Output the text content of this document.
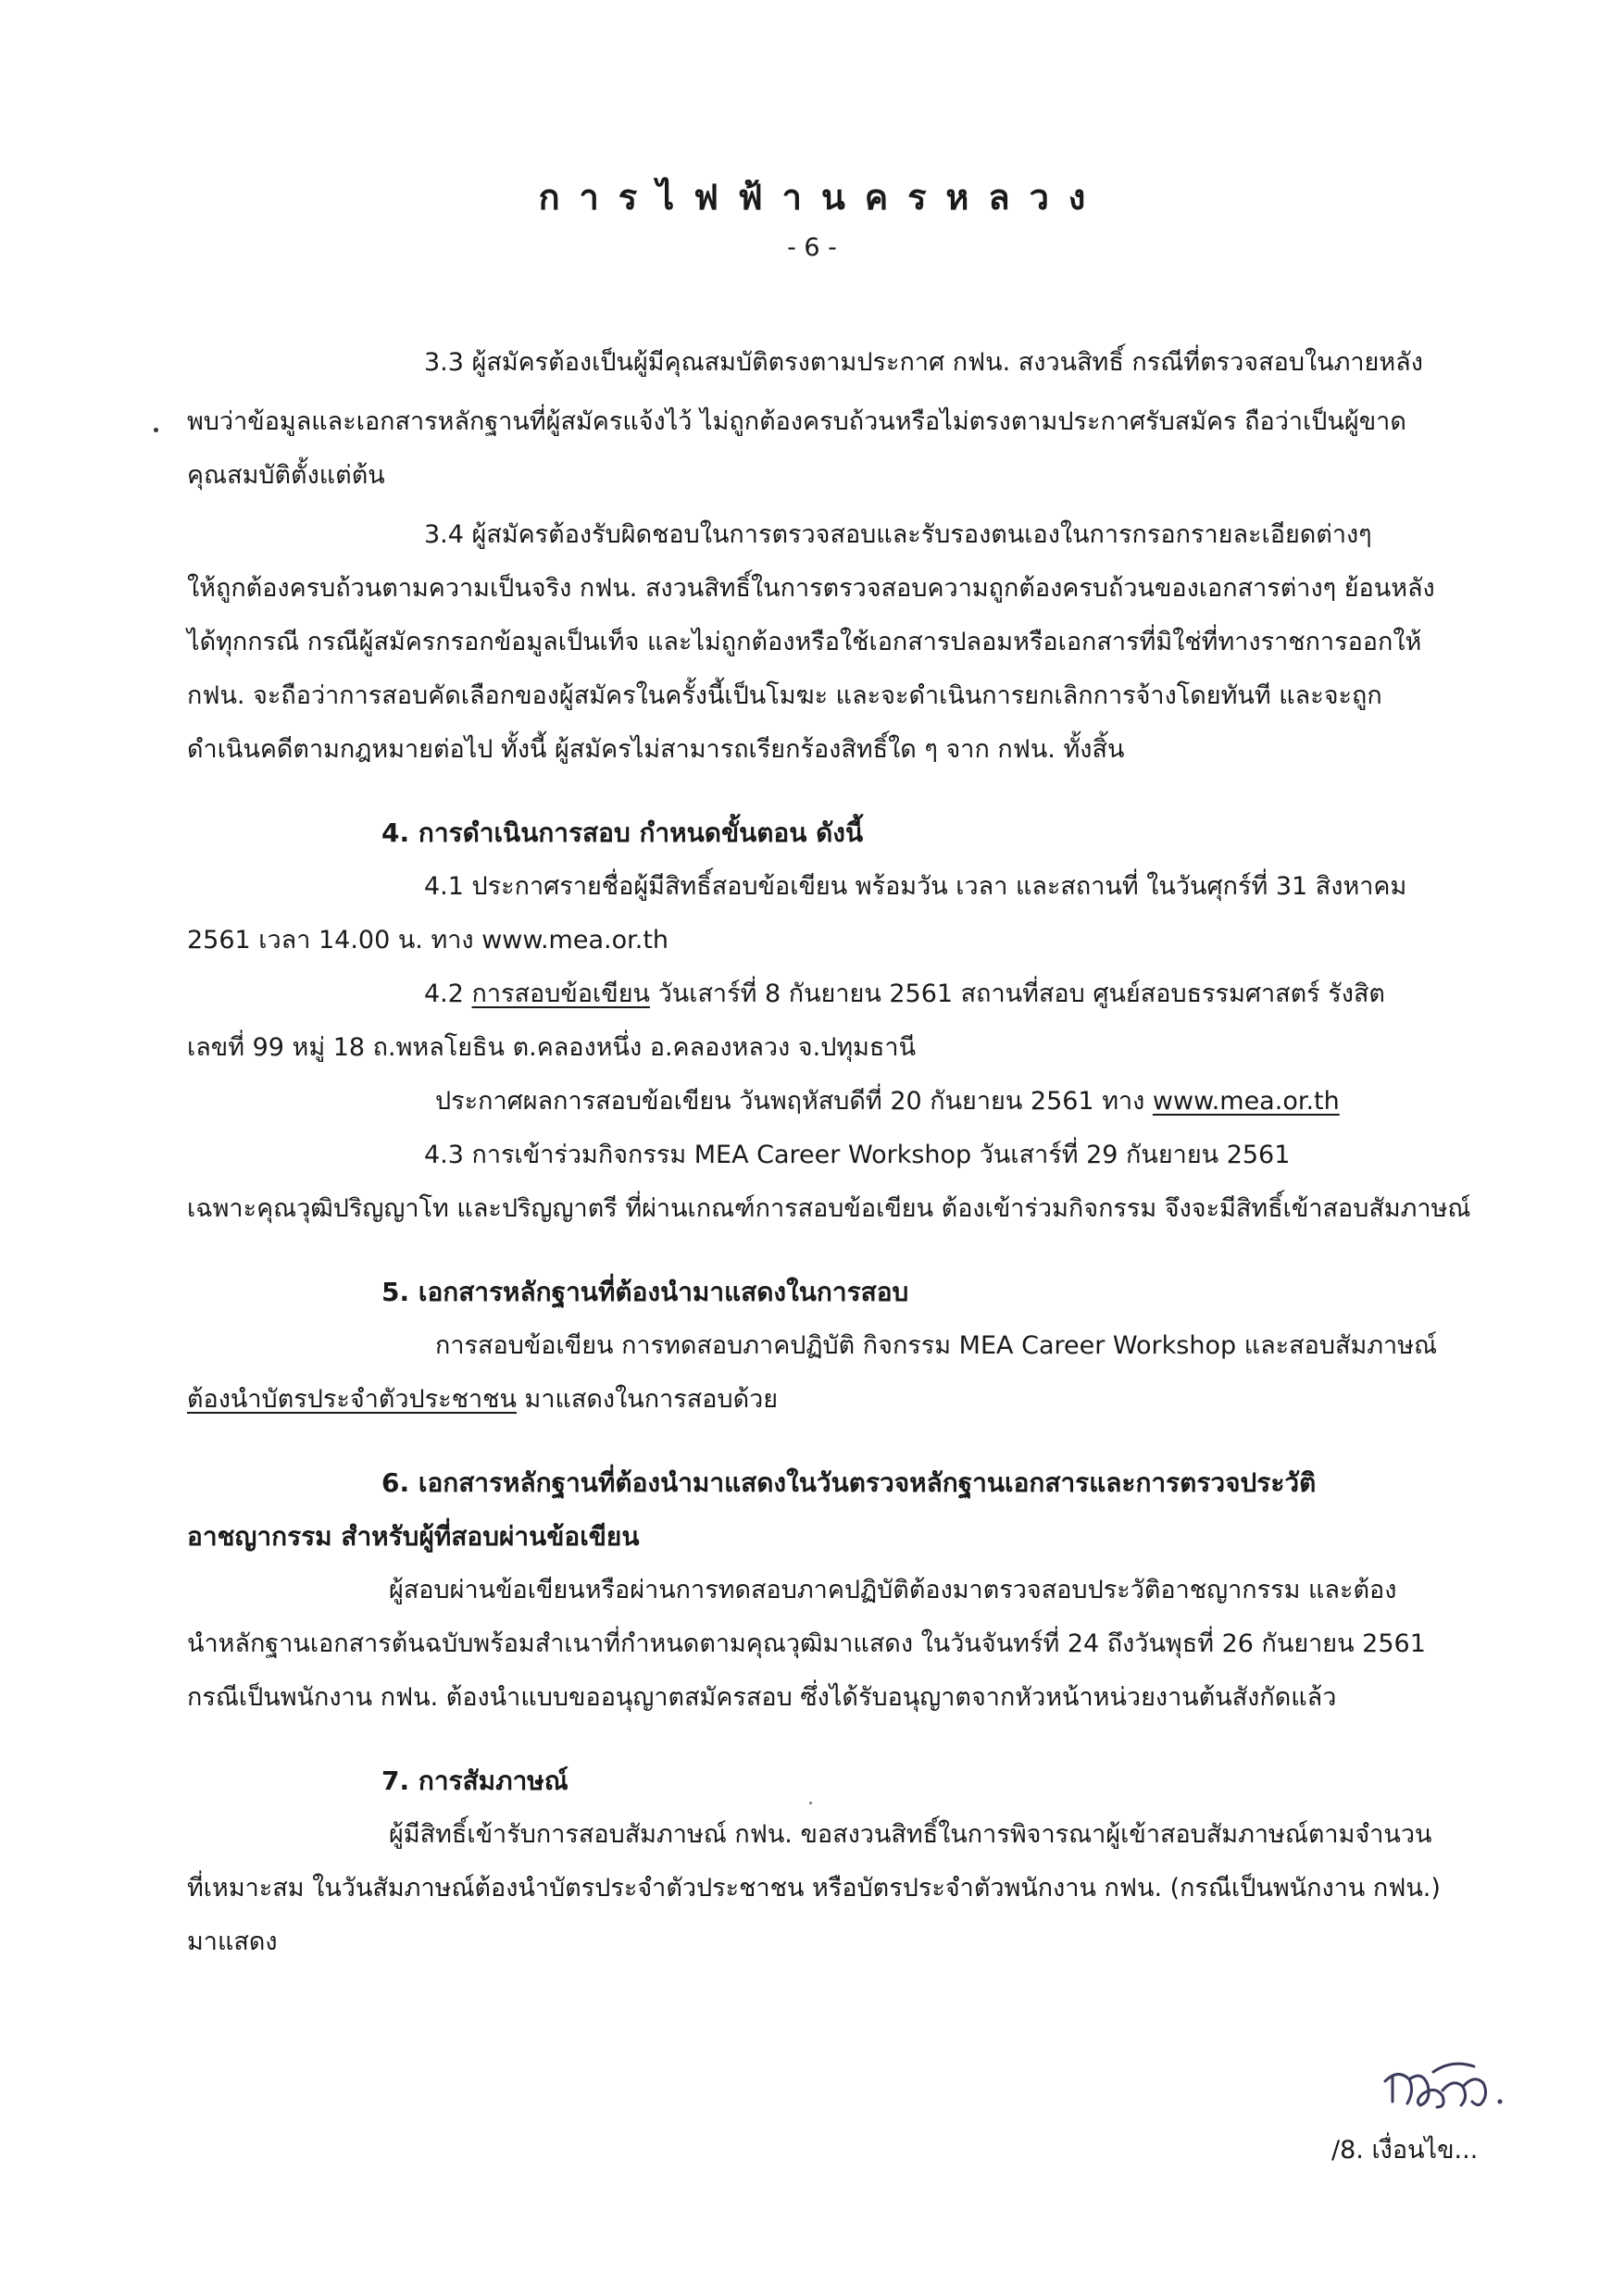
การไฟฟ้านครหลวง
- 6 -
3.3 ผู้สมัครต้องเป็นผู้มีคุณสมบัติตรงตามประกาศ กฟน. สงวนสิทธิ์ กรณีที่ตรวจสอบในภายหลัง
พบว่าข้อมูลและเอกสารหลักฐานที่ผู้สมัครแจ้งไว้ ไม่ถูกต้องครบถ้วนหรือไม่ตรงตามประกาศรับสมัคร ถือว่าเป็นผู้ขาด
คุณสมบัติตั้งแต่ต้น
3.4 ผู้สมัครต้องรับผิดชอบในการตรวจสอบและรับรองตนเองในการกรอกรายละเอียดต่างๆ
ให้ถูกต้องครบถ้วนตามความเป็นจริง กฟน. สงวนสิทธิ์ในการตรวจสอบความถูกต้องครบถ้วนของเอกสารต่างๆ ย้อนหลัง
ได้ทุกกรณี กรณีผู้สมัครกรอกข้อมูลเป็นเท็จ และไม่ถูกต้องหรือใช้เอกสารปลอมหรือเอกสารที่มิใช่ที่ทางราชการออกให้
กฟน. จะถือว่าการสอบคัดเลือกของผู้สมัครในครั้งนี้เป็นโมฆะ และจะดำเนินการยกเลิกการจ้างโดยทันที และจะถูก
ดำเนินคดีตามกฎหมายต่อไป ทั้งนี้ ผู้สมัครไม่สามารถเรียกร้องสิทธิ์ใด ๆ จาก กฟน. ทั้งสิ้น
4. การดำเนินการสอบ กำหนดขั้นตอน ดังนี้
4.1 ประกาศรายชื่อผู้มีสิทธิ์สอบข้อเขียน พร้อมวัน เวลา และสถานที่ ในวันศุกร์ที่ 31 สิงหาคม
2561 เวลา 14.00 น. ทาง www.mea.or.th
4.2 การสอบข้อเขียน วันเสาร์ที่ 8 กันยายน 2561 สถานที่สอบ ศูนย์สอบธรรมศาสตร์ รังสิต
เลขที่ 99 หมู่ 18 ถ.พหลโยธิน ต.คลองหนึ่ง อ.คลองหลวง จ.ปทุมธานี
ประกาศผลการสอบข้อเขียน วันพฤหัสบดีที่ 20 กันยายน 2561 ทาง www.mea.or.th
4.3 การเข้าร่วมกิจกรรม MEA Career Workshop วันเสาร์ที่ 29 กันยายน 2561
เฉพาะคุณวุฒิปริญญาโท และปริญญาตรี ที่ผ่านเกณฑ์การสอบข้อเขียน ต้องเข้าร่วมกิจกรรม จึงจะมีสิทธิ์เข้าสอบสัมภาษณ์
5. เอกสารหลักฐานที่ต้องนำมาแสดงในการสอบ
การสอบข้อเขียน การทดสอบภาคปฏิบัติ กิจกรรม MEA Career Workshop และสอบสัมภาษณ์
ต้องนำบัตรประจำตัวประชาชน มาแสดงในการสอบด้วย
6. เอกสารหลักฐานที่ต้องนำมาแสดงในวันตรวจหลักฐานเอกสารและการตรวจประวัติ
อาชญากรรม สำหรับผู้ที่สอบผ่านข้อเขียน
ผู้สอบผ่านข้อเขียนหรือผ่านการทดสอบภาคปฏิบัติต้องมาตรวจสอบประวัติอาชญากรรม และต้อง
นำหลักฐานเอกสารต้นฉบับพร้อมสำเนาที่กำหนดตามคุณวุฒิมาแสดง ในวันจันทร์ที่ 24 ถึงวันพุธที่ 26 กันยายน 2561
กรณีเป็นพนักงาน กฟน. ต้องนำแบบขออนุญาตสมัครสอบ ซึ่งได้รับอนุญาตจากหัวหน้าหน่วยงานต้นสังกัดแล้ว
7. การสัมภาษณ์
ผู้มีสิทธิ์เข้ารับการสอบสัมภาษณ์ กฟน. ขอสงวนสิทธิ์ในการพิจารณาผู้เข้าสอบสัมภาษณ์ตามจำนวน
ที่เหมาะสม ในวันสัมภาษณ์ต้องนำบัตรประจำตัวประชาชน หรือบัตรประจำตัวพนักงาน กฟน. (กรณีเป็นพนักงาน กฟน.)
มาแสดง
/8. เงื่อนไข...
